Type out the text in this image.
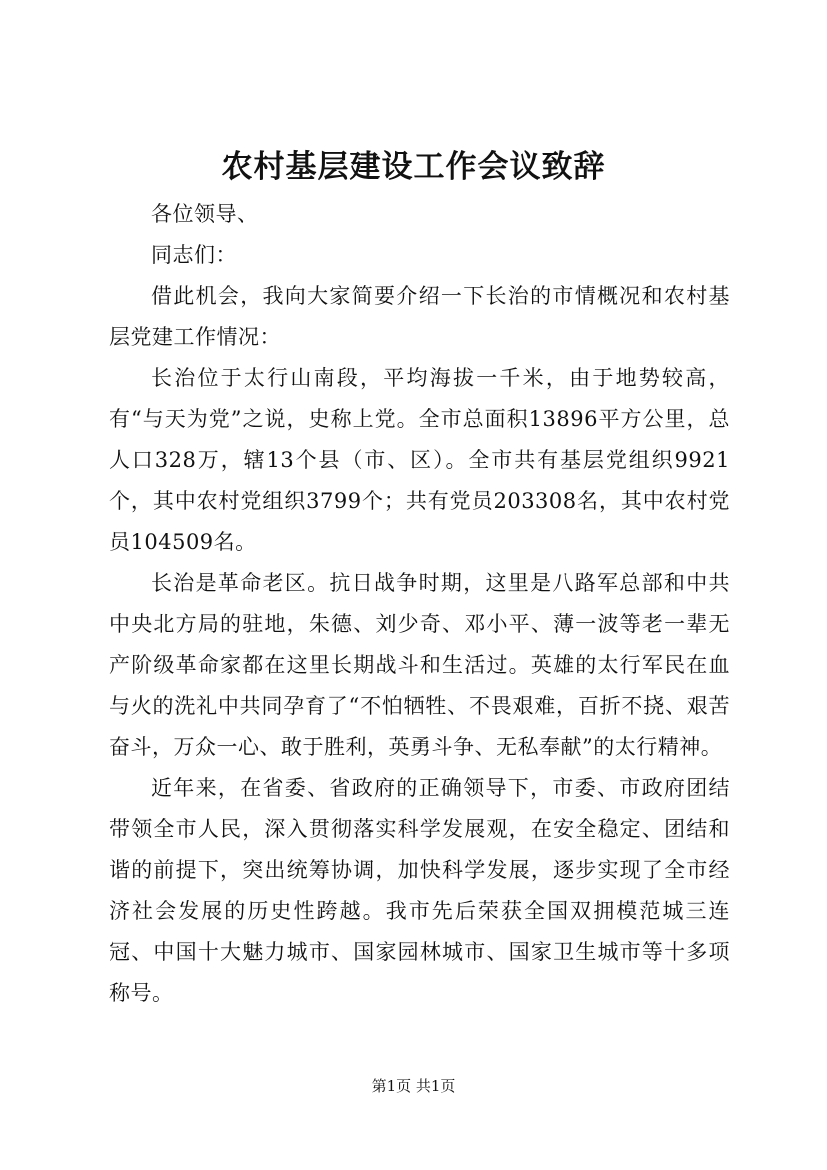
农村基层建设工作会议致辞

各位领导、

同志们：

借此机会，我向大家简要介绍一下长治的市情概况和农村基层党建工作情况：

长治位于太行山南段，平均海拔一千米，由于地势较高，有“与天为党”之说，史称上党。全市总面积13896平方公里，总人口328万，辖13个县（市、区）。全市共有基层党组织9921个，其中农村党组织3799个；共有党员203308名，其中农村党员104509名。

长治是革命老区。抗日战争时期，这里是八路军总部和中共中央北方局的驻地，朱德、刘少奇、邓小平、薄一波等老一辈无产阶级革命家都在这里长期战斗和生活过。英雄的太行军民在血与火的洗礼中共同孕育了“不怕牺牲、不畏艰难，百折不挠、艰苦奋斗，万众一心、敢于胜利，英勇斗争、无私奉献”的太行精神。

近年来，在省委、省政府的正确领导下，市委、市政府团结带领全市人民，深入贯彻落实科学发展观，在安全稳定、团结和谐的前提下，突出统筹协调，加快科学发展，逐步实现了全市经济社会发展的历史性跨越。我市先后荣获全国双拥模范城三连冠、中国十大魅力城市、国家园林城市、国家卫生城市等十多项称号。

第1页 共1页
